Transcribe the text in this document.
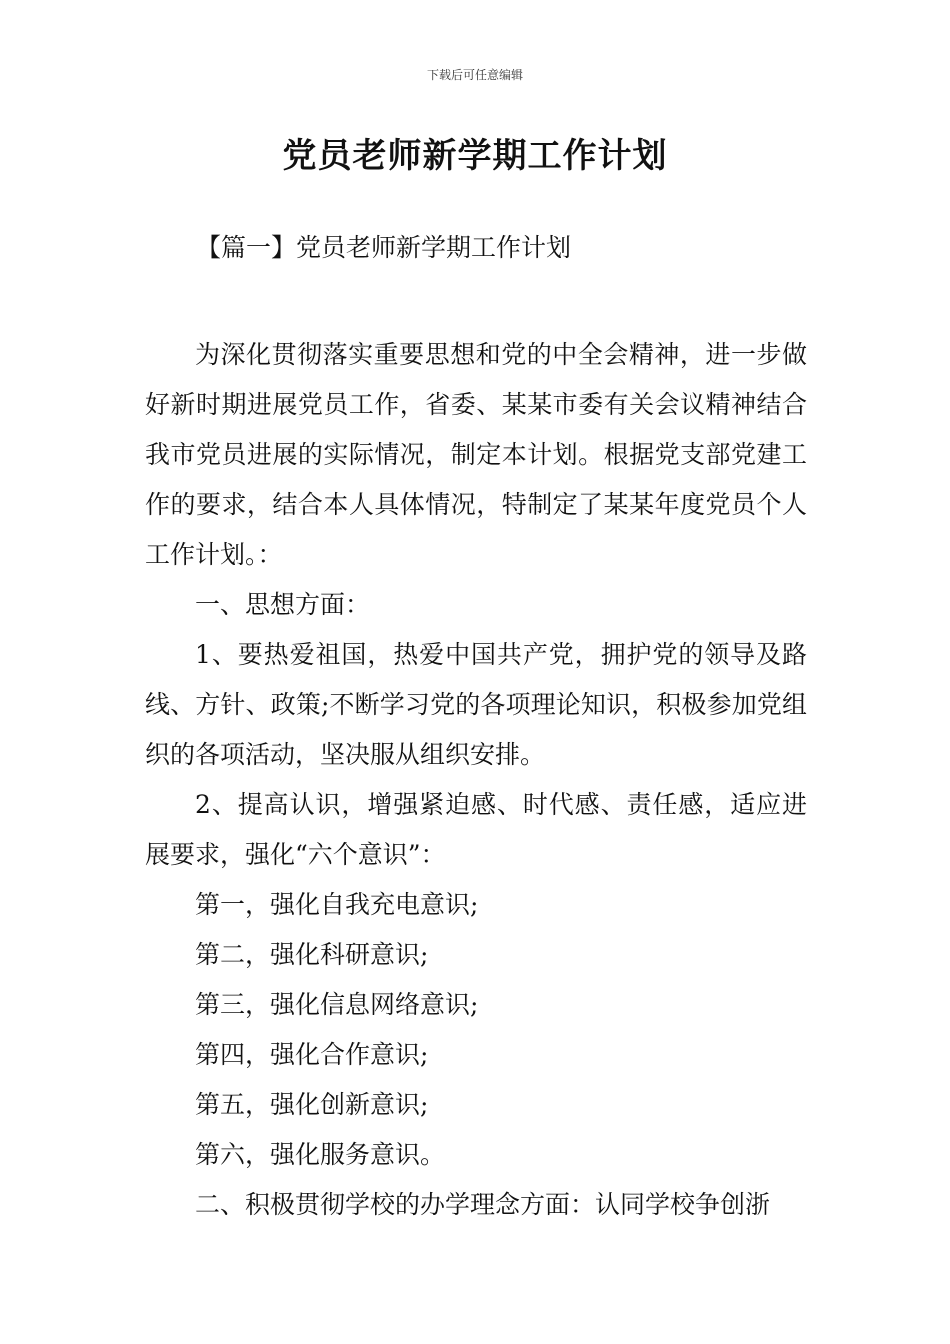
下载后可任意编辑
党员老师新学期工作计划
【篇一】党员老师新学期工作计划

为深化贯彻落实重要思想和党的中全会精神，进一步做好新时期进展党员工作，省委、某某市委有关会议精神结合我市党员进展的实际情况，制定本计划。根据党支部党建工作的要求，结合本人具体情况，特制定了某某年度党员个人工作计划。：

一、思想方面：

1、要热爱祖国，热爱中国共产党，拥护党的领导及路线、方针、政策;不断学习党的各项理论知识，积极参加党组织的各项活动，坚决服从组织安排。

2、提高认识，增强紧迫感、时代感、责任感，适应进展要求，强化“六个意识”：

第一，强化自我充电意识;

第二，强化科研意识;

第三，强化信息网络意识;

第四，强化合作意识;

第五，强化创新意识;

第六，强化服务意识。

二、积极贯彻学校的办学理念方面：认同学校争创浙
